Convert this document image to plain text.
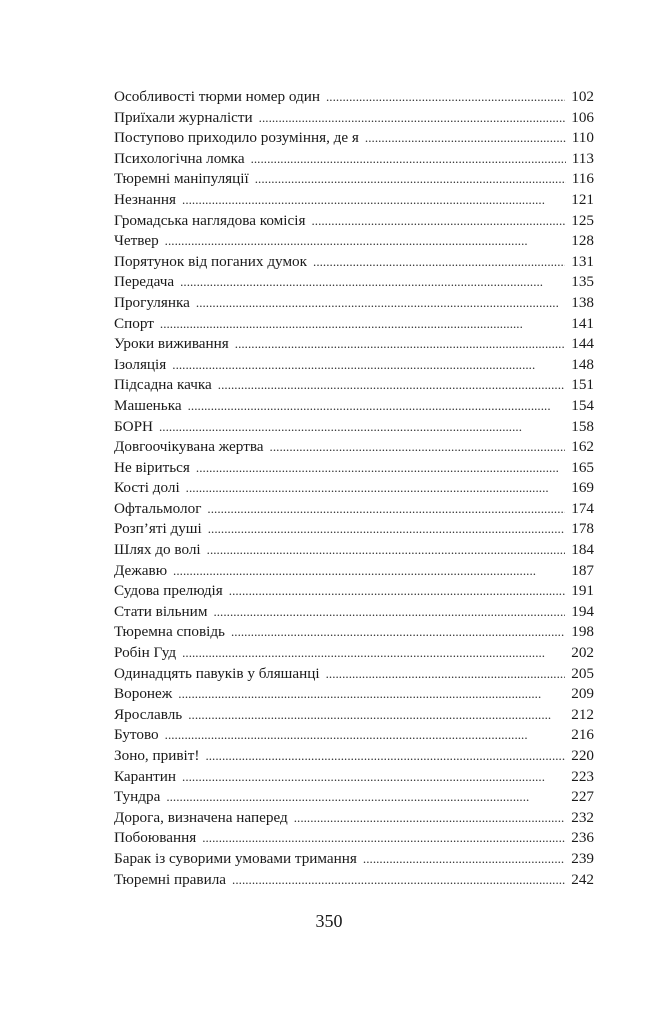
Особливості тюрми номер один . . .	102
Приїхали журналісти . . .	106
Поступово приходило розуміння, де я . . .	110
Психологічна ломка . . .	113
Тюремні маніпуляції . . .	116
Незнання . . .	121
Громадська наглядова комісія . . .	125
Четвер . . .	128
Порятунок від поганих думок . . .	131
Передача . . .	135
Прогулянка . . .	138
Спорт . . .	141
Уроки виживання . . .	144
Ізоляція . . .	148
Підсадна качка . . .	151
Машенька . . .	154
БОРН . . .	158
Довгоочікувана жертва . . .	162
Не віриться . . .	165
Кості долі . . .	169
Офтальмолог . . .	174
Розп’яті душі . . .	178
Шлях до волі . . .	184
Дежавю . . .	187
Судова прелюдія . . .	191
Стати вільним . . .	194
Тюремна сповідь . . .	198
Робін Гуд . . .	202
Одинадцять павуків у бляшанці . . .	205
Воронеж . . .	209
Ярославль . . .	212
Бутово . . .	216
Зоно, привіт! . . .	220
Карантин . . .	223
Тундра . . .	227
Дорога, визначена наперед . . .	232
Побоювання . . .	236
Барак із суворими умовами тримання . . .	239
Тюремні правила . . .	242
350
